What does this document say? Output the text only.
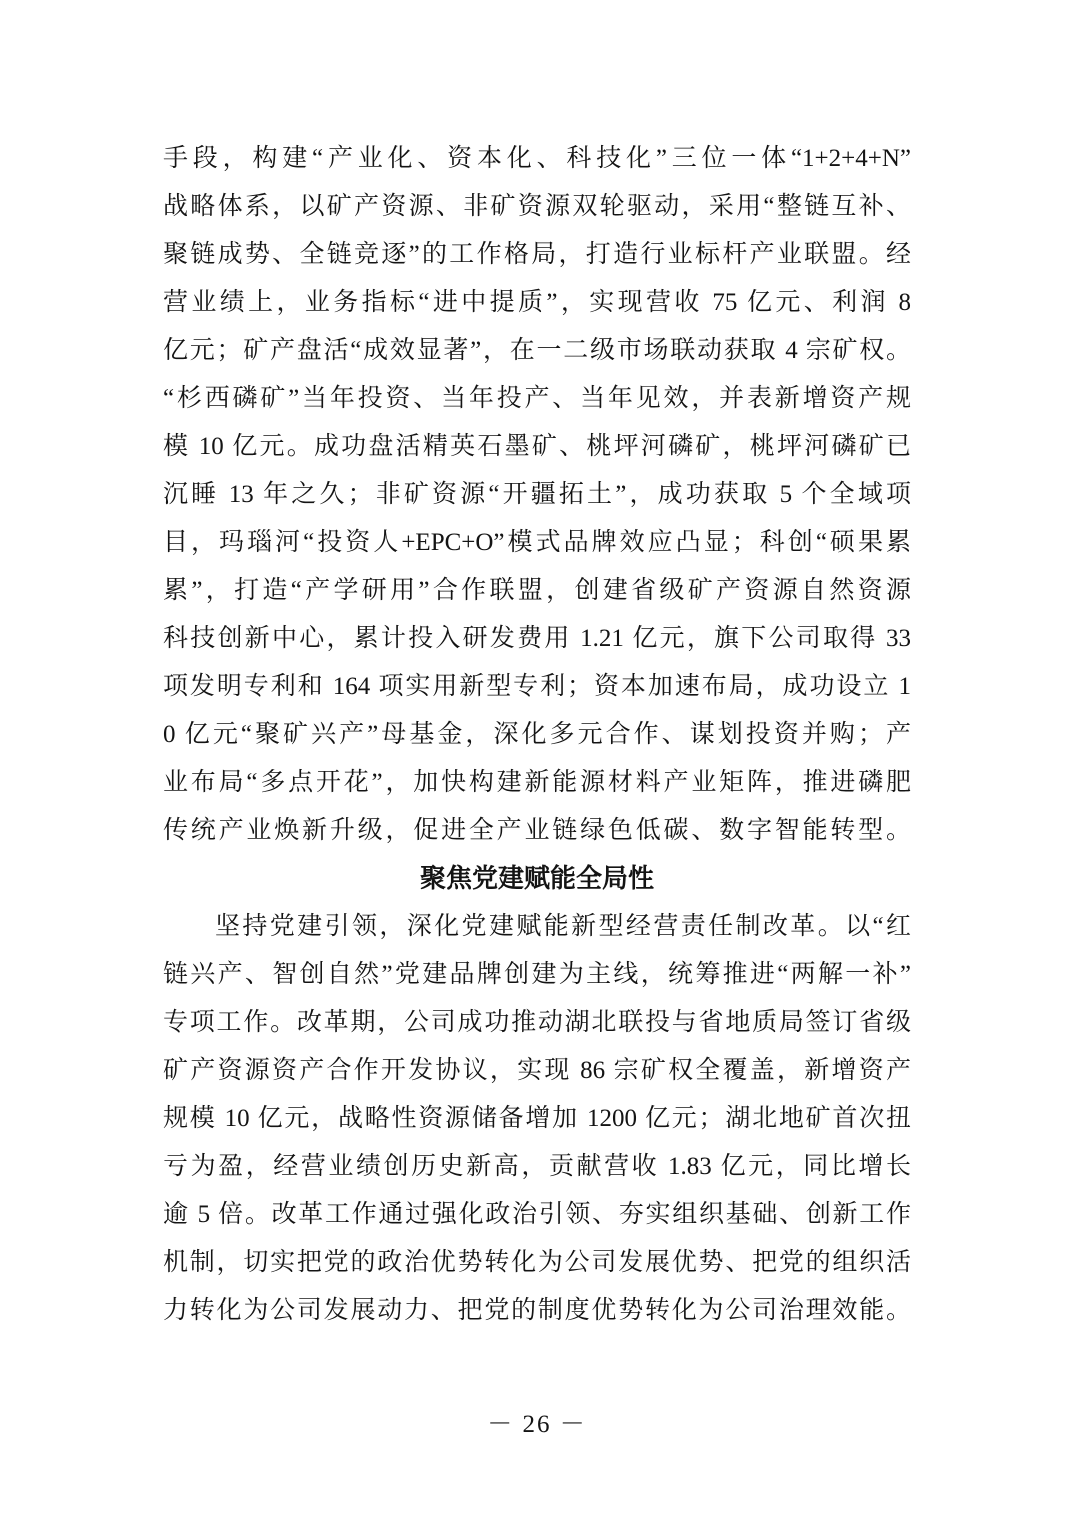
手段，构建“产业化、资本化、科技化”三位一体“1+2+4+N”
战略体系，以矿产资源、非矿资源双轮驱动，采用“整链互补、
聚链成势、全链竞逐”的工作格局，打造行业标杆产业联盟。经
营业绩上，业务指标“进中提质”，实现营收 75 亿元、利润 8
亿元；矿产盘活“成效显著”，在一二级市场联动获取 4 宗矿权。
“杉西磷矿”当年投资、当年投产、当年见效，并表新增资产规
模 10 亿元。成功盘活精英石墨矿、桃坪河磷矿，桃坪河磷矿已
沉睡 13 年之久；非矿资源“开疆拓土”，成功获取 5 个全域项
目，玛瑙河“投资人+EPC+O”模式品牌效应凸显；科创“硕果累
累”，打造“产学研用”合作联盟，创建省级矿产资源自然资源
科技创新中心，累计投入研发费用 1.21 亿元，旗下公司取得 33
项发明专利和 164 项实用新型专利；资本加速布局，成功设立 1
0 亿元“聚矿兴产”母基金，深化多元合作、谋划投资并购；产
业布局“多点开花”，加快构建新能源材料产业矩阵，推进磷肥
传统产业焕新升级，促进全产业链绿色低碳、数字智能转型。
聚焦党建赋能全局性
坚持党建引领，深化党建赋能新型经营责任制改革。以“红
链兴产、智创自然”党建品牌创建为主线，统筹推进“两解一补”
专项工作。改革期，公司成功推动湖北联投与省地质局签订省级
矿产资源资产合作开发协议，实现 86 宗矿权全覆盖，新增资产
规模 10 亿元，战略性资源储备增加 1200 亿元；湖北地矿首次扭
亏为盈，经营业绩创历史新高，贡献营收 1.83 亿元，同比增长
逾 5 倍。改革工作通过强化政治引领、夯实组织基础、创新工作
机制，切实把党的政治优势转化为公司发展优势、把党的组织活
力转化为公司发展动力、把党的制度优势转化为公司治理效能。
－ 26 －
